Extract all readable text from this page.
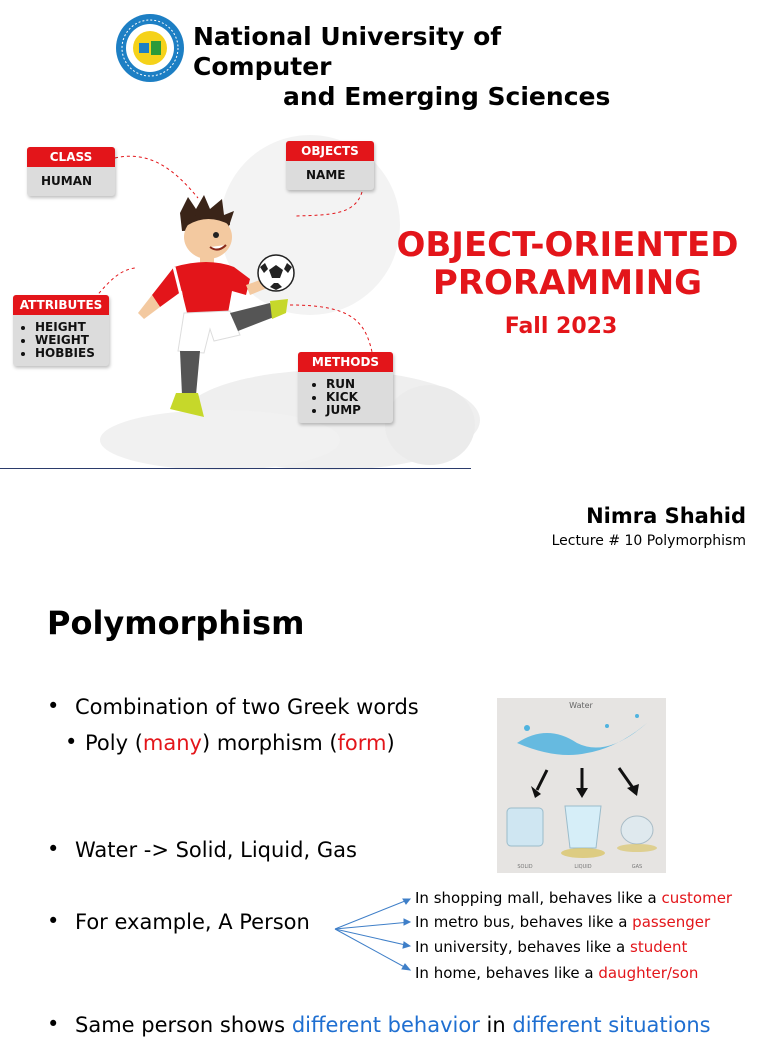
National University of Computer
and Emerging Sciences
CLASS
HUMAN
OBJECTS
NAME
ATTRIBUTES
• HEIGHT
• WEIGHT
• HOBBIES
METHODS
• RUN
• KICK
• JUMP
OBJECT-ORIENTED
PRORAMMING
Fall 2023
Nimra Shahid
Lecture # 10 Polymorphism
Polymorphism
• Combination of two Greek words
• Poly (many) morphism (form)
• Water -> Solid, Liquid, Gas
• For example, A Person
Water
SOLID	LIQUID	GAS
In shopping mall, behaves like a customer
In metro bus, behaves like a passenger
In university, behaves like a student
In home, behaves like a daughter/son
• Same person shows different behavior in different situations
